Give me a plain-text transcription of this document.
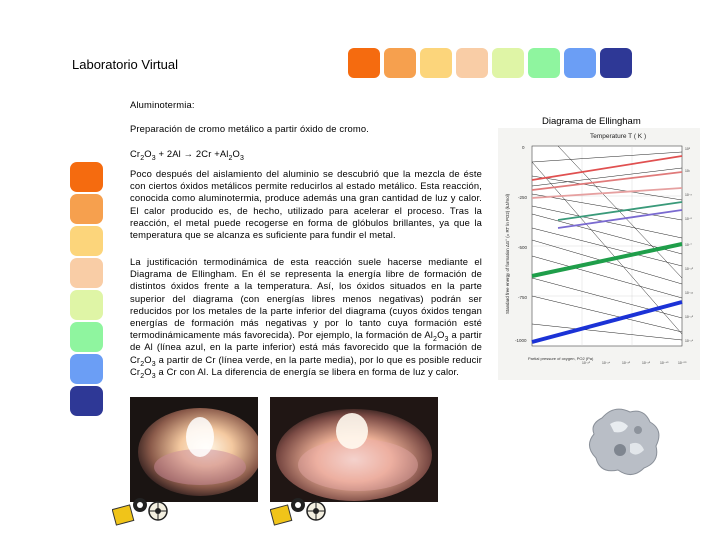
Laboratorio Virtual
Aluminotermia:
Preparación de cromo metálico a partir óxido de cromo.
$Cr_2O_3 + 2Al \to 2Cr +Al_2O_3$
Poco después del aislamiento del aluminio se descubrió que la mezcla de éste con ciertos óxidos metálicos permite reducirlos al estado metálico. Esta reacción, conocida como aluminotermia, produce además una gran cantidad de luz y calor. El calor producido es, de hecho, utilizado para acelerar el proceso. Tras la reacción, el metal puede recogerse en forma de glóbulos brillantes, ya que la temperatura que se alcanza es suficiente para fundir el metal.
La justificación termodinámica de esta reacción suele hacerse mediante el Diagrama de Ellingham. En él se representa la energía libre de formación de distintos óxidos frente a la temperatura. Así, los óxidos situados en la parte superior del diagrama (con energías libres menos negativas) podrán ser reducidos por los metales de la parte inferior del diagrama (cuyos óxidos tengan energías de formación más negativas y por lo tanto cuya formación esté termodinámicamente más favorecida). Por ejemplo, la formación de $Al_2O_3$ a partir de Al (línea azul, en la parte inferior) está más favorecido que la formación de $Cr_2O_3$ a partir de Cr (línea verde, en la parte media), por lo que es posible reducir $Cr_2O_3$ a Cr con Al. La diferencia de energía se libera en forma de luz y calor.
Diagrama de Ellingham
Temperature T ( K )
0
-250
-500
-750
-1000
Standard free energy of formation ΔG° (= RT ln PO2) (kJ/mol)
10⁵
10¹
10⁻³
10⁻⁵
10⁻⁷
10⁻¹⁰
10⁻¹²
10⁻¹⁵
10⁻¹⁸
Partial pressure of oxygen, PO2 (Pa)
10⁻²⁰	10⁻²⁴	10⁻³⁰	10⁻³⁵	10⁻⁴⁰	10⁻⁵⁰
